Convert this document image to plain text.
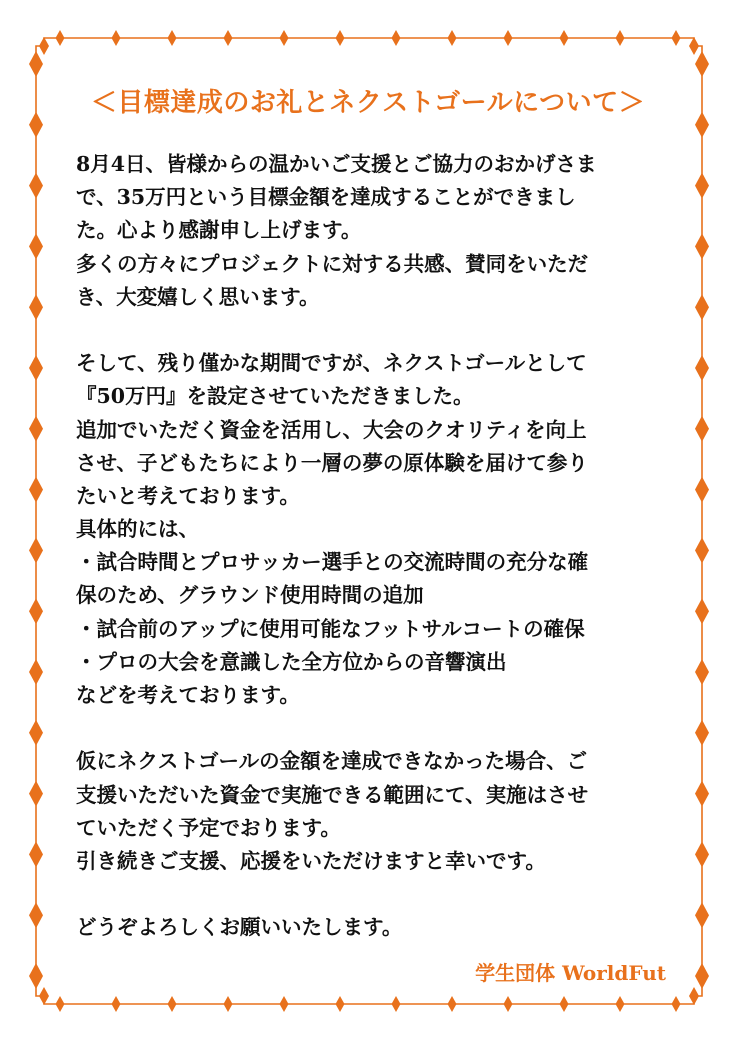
＜目標達成のお礼とネクストゴールについて＞
8月4日、皆様からの温かいご支援とご協力のおかげさま
で、35万円という目標金額を達成することができまし
た。心より感謝申し上げます。
多くの方々にプロジェクトに対する共感、賛同をいただ
き、大変嬉しく思います。
そして、残り僅かな期間ですが、ネクストゴールとして
『50万円』を設定させていただきました。
追加でいただく資金を活用し、大会のクオリティを向上
させ、子どもたちにより一層の夢の原体験を届けて参り
たいと考えております。
具体的には、
・試合時間とプロサッカー選手との交流時間の充分な確
保のため、グラウンド使用時間の追加
・試合前のアップに使用可能なフットサルコートの確保
・プロの大会を意識した全方位からの音響演出
などを考えております。
仮にネクストゴールの金額を達成できなかった場合、ご
支援いただいた資金で実施できる範囲にて、実施はさせ
ていただく予定でおります。
引き続きご支援、応援をいただけますと幸いです。
どうぞよろしくお願いいたします。
学生団体 WorldFut
